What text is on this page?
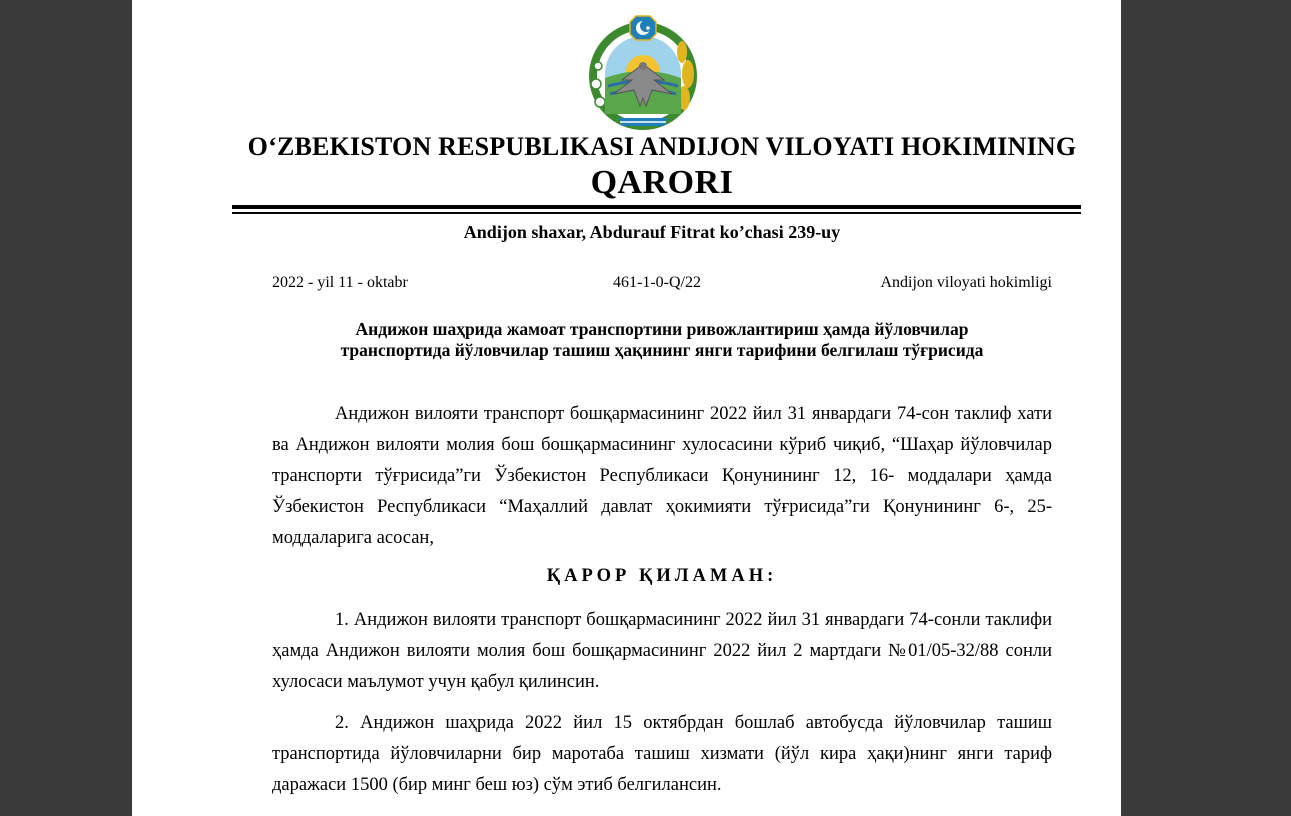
O‘ZBEKISTON RESPUBLIKASI ANDIJON VILOYATI HOKIMINING
QARORI
Andijon shaxar, Abdurauf Fitrat ko’chasi 239-uy
2022 - yil 11 - oktabr	461-1-0-Q/22	Andijon viloyati hokimligi
Андижон шаҳрида жамоат транспортини ривожлантириш ҳамда йўловчилар
транспортида йўловчилар ташиш ҳақининг янги тарифини белгилаш тўғрисида

Андижон вилояти транспорт бошқармасининг 2022 йил 31 январдаги 74-сон таклиф хати ва Андижон вилояти молия бош бошқармасининг хулосасини кўриб чиқиб, “Шаҳар йўловчилар транспорти тўғрисида”ги Ўзбекистон Республикаси Қонунининг 12, 16- моддалари ҳамда Ўзбекистон Республикаси “Маҳаллий давлат ҳокимияти тўғрисида”ги Қонунининг 6-, 25-моддаларига асосан,

ҚАРОР ҚИЛАМАН:

1. Андижон вилояти транспорт бошқармасининг 2022 йил 31 январдаги 74-сонли таклифи ҳамда Андижон вилояти молия бош бошқармасининг 2022 йил 2 мартдаги №01/05-32/88 сонли хулосаси маълумот учун қабул қилинсин.

2. Андижон шаҳрида 2022 йил 15 октябрдан бошлаб автобусда йўловчилар ташиш транспортида йўловчиларни бир маротаба ташиш хизмати (йўл кира ҳақи)нинг янги тариф даражаси 1500 (бир минг беш юз) сўм этиб белгилансин.
